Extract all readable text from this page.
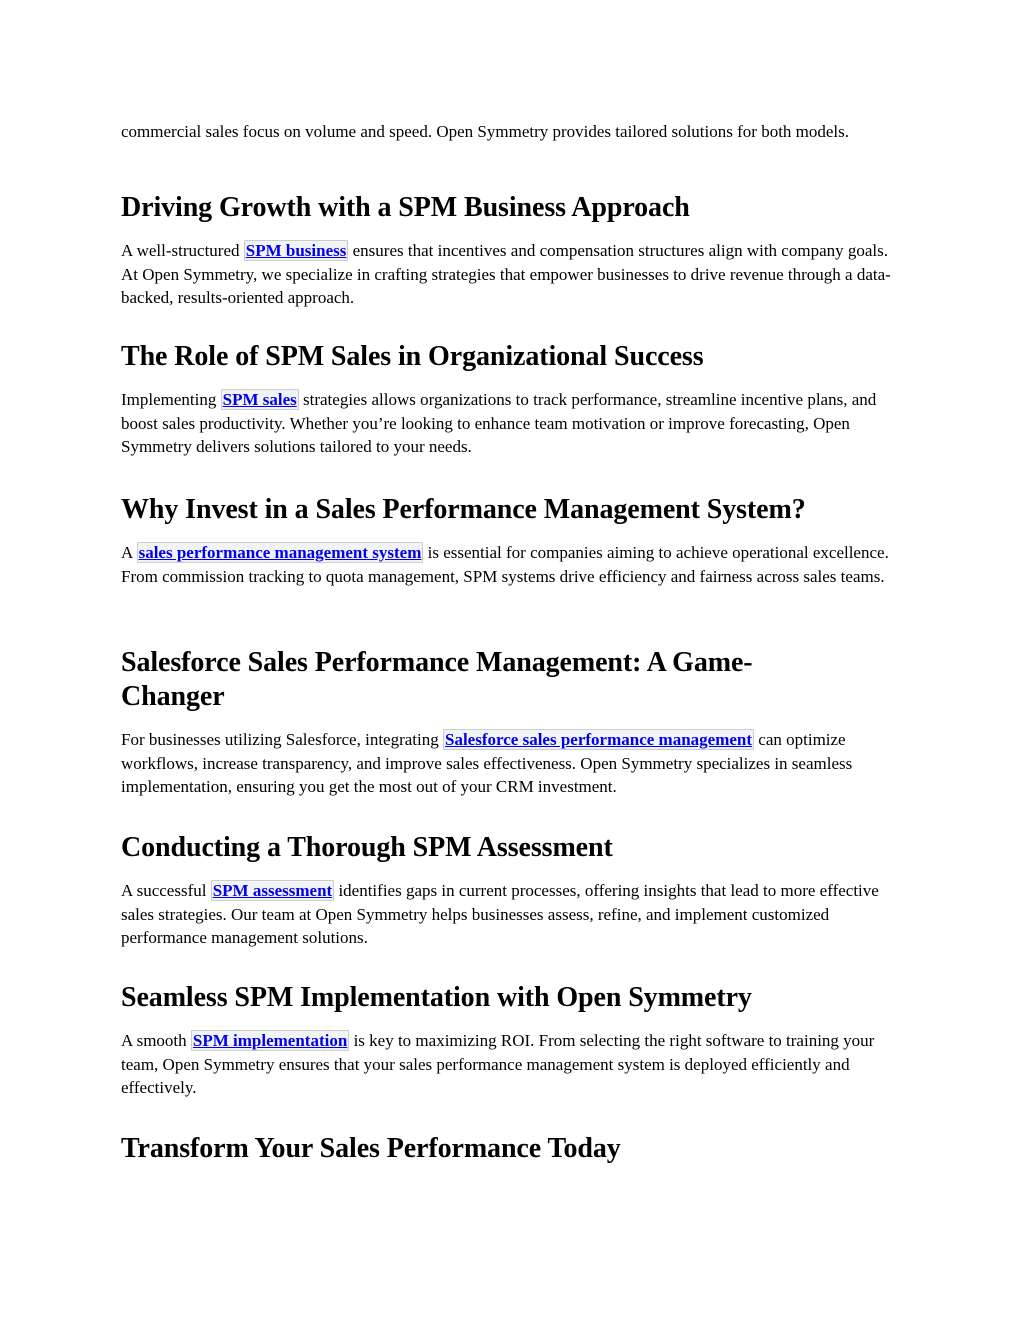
commercial sales focus on volume and speed. Open Symmetry provides tailored solutions for both models.

Driving Growth with a SPM Business Approach

A well-structured SPM business ensures that incentives and compensation structures align with company goals. At Open Symmetry, we specialize in crafting strategies that empower businesses to drive revenue through a data-backed, results-oriented approach.

The Role of SPM Sales in Organizational Success

Implementing SPM sales strategies allows organizations to track performance, streamline incentive plans, and boost sales productivity. Whether you’re looking to enhance team motivation or improve forecasting, Open Symmetry delivers solutions tailored to your needs.

Why Invest in a Sales Performance Management System?

A sales performance management system is essential for companies aiming to achieve operational excellence. From commission tracking to quota management, SPM systems drive efficiency and fairness across sales teams.

Salesforce Sales Performance Management: A Game-Changer

For businesses utilizing Salesforce, integrating Salesforce sales performance management can optimize workflows, increase transparency, and improve sales effectiveness. Open Symmetry specializes in seamless implementation, ensuring you get the most out of your CRM investment.

Conducting a Thorough SPM Assessment

A successful SPM assessment identifies gaps in current processes, offering insights that lead to more effective sales strategies. Our team at Open Symmetry helps businesses assess, refine, and implement customized performance management solutions.

Seamless SPM Implementation with Open Symmetry

A smooth SPM implementation is key to maximizing ROI. From selecting the right software to training your team, Open Symmetry ensures that your sales performance management system is deployed efficiently and effectively.

Transform Your Sales Performance Today
